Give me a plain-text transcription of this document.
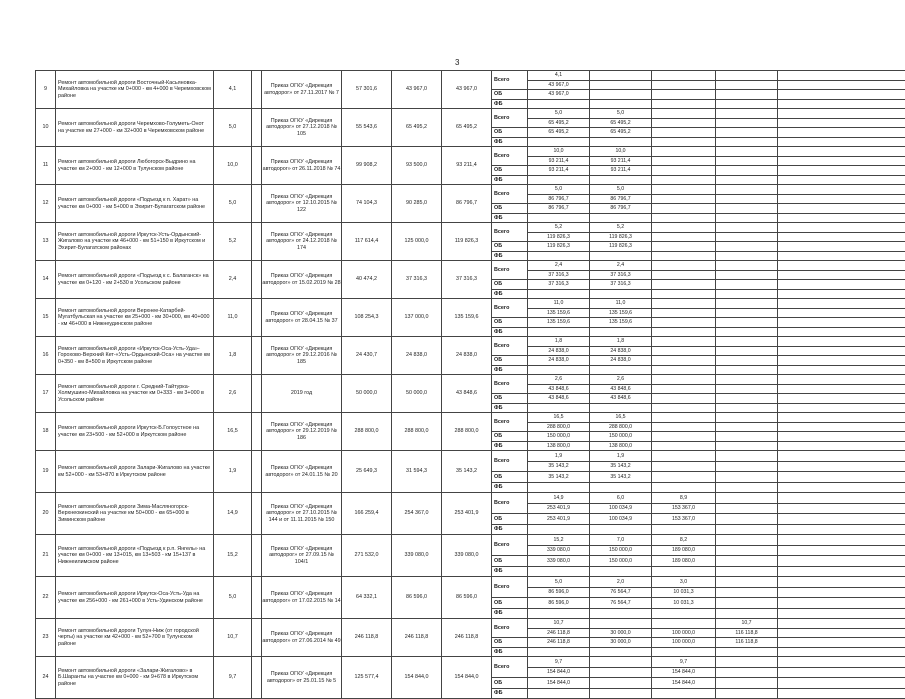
3
9	Ремонт автомобильной дороги Восточный-Касьяновка-Михайловка на участке км 0+000 - км 4+000 в Черемховском районе	4,1		Приказ ОГКУ «Дирекция автодорог» от 27.11.2017 № 7	57 301,6	43 967,0	43 967,0	Всего	4,1				
									43 967,0				
								ОБ	43 967,0				
								ФБ					
10	Ремонт автомобильной дороги Черемхово-Голуметь-Онот на участке км 27+000 - км 32+000 в Черемховском районе	5,0		Приказ ОГКУ «Дирекция автодорог» от 27.12.2018 № 105	55 543,6	65 495,2	65 495,2	Всего	5,0	5,0			
									65 495,2	65 495,2			
								ОБ	65 495,2	65 495,2			
								ФБ					
11	Ремонт автомобильной дороги Любогорск-Выдрино на участке км 2+000 - км 12+000 в Тулунском районе	10,0		Приказ ОГКУ «Дирекция автодорог» от 26.11.2018 № 74	99 908,2	93 500,0	93 211,4	Всего	10,0	10,0			
									93 211,4	93 211,4			
								ОБ	93 211,4	93 211,4			
								ФБ					
12	Ремонт автомобильной дороги «Подъезд к п. Харат» на участке км 0+000 - км 5+000 в Эхирит-Булагатском районе	5,0		Приказ ОГКУ «Дирекция автодорог» от 12.10.2015 № 122	74 104,3	90 285,0	86 796,7	Всего	5,0	5,0			
									86 796,7	86 796,7			
								ОБ	86 796,7	86 796,7			
								ФБ					
13	Ремонт автомобильной дороги Иркутск-Усть-Ордынский-Жигалово на участке км 46+000 - км 51+150 в Иркутском и Эхирит-Булагатском районах	5,2		Приказ ОГКУ «Дирекция автодорог» от 24.12.2018 № 174	117 614,4	125 000,0	119 826,3	Всего	5,2	5,2			
									119 826,3	119 826,3			
								ОБ	119 826,3	119 826,3			
								ФБ					
14	Ремонт автомобильной дороги «Подъезд к с. Балаганск» на участке км 0+120 - км 2+530 в Усольском районе	2,4		Приказ ОГКУ «Дирекция автодорог» от 15.02.2019 № 28	40 474,2	37 316,3	37 316,3	Всего	2,4	2,4			
									37 316,3	37 316,3			
								ОБ	37 316,3	37 316,3			
								ФБ					
15	Ремонт автомобильной дороги Верхнее-Катарбей-Мугатбульская на участке км 25+000 - км 30+000, км 40+000 - км 46+000 в Нижнеудинском районе	11,0		Приказ ОГКУ «Дирекция автодорог» от 28.04.15 № 37	108 254,3	137 000,0	135 159,6	Всего	11,0	11,0			
									135 159,6	135 159,6			
								ОБ	135 159,6	135 159,6			
								ФБ					
16	Ремонт автомобильной дороги «Иркутск-Оса-Усть-Уда»-Горохово-Верхний Кет-«Усть-Ордынский-Оса» на участке км 0+350 - км 8+500 в Иркутском районе	1,8		Приказ ОГКУ «Дирекция автодорог» от 29.12.2016 № 185	24 430,7	24 838,0	24 838,0	Всего	1,8	1,8			
									24 838,0	24 838,0			
								ОБ	24 838,0	24 838,0			
								ФБ					
17	Ремонт автомобильной дороги г. Средний-Тайтурка-Холмушино-Михайловка на участке км 0+333 - км 3+000 в Усольском районе	2,6		2019 год	50 000,0	50 000,0	43 848,6	Всего	2,6	2,6			
									43 848,6	43 848,6			
								ОБ	43 848,6	43 848,6			
								ФБ					
18	Ремонт автомобильной дороги Иркутск-Б.Голоустное на участке км 23+500 - км 52+000 в Иркутском районе	16,5		Приказ ОГКУ «Дирекция автодорог» от 29.12.2019 № 186	288 800,0	288 800,0	288 800,0	Всего	16,5	16,5			
									288 800,0	288 800,0			
								ОБ	150 000,0	150 000,0			
								ФБ	138 800,0	138 800,0			
19	Ремонт автомобильной дороги Залари-Жигалово на участке км 52+000 - км 53+870 в Иркутском районе	1,9		Приказ ОГКУ «Дирекция автодорог» от 24.01.15 № 20	25 649,3	31 594,3	35 143,2	Всего	1,9	1,9			
									35 143,2	35 143,2			
								ОБ	35 143,2	35 143,2			
								ФБ					
20	Ремонт автомобильной дороги Зима-Масляногорск-Верхнеокинский на участке км 50+000 - км 65+000 в Зиминском районе	14,9		Приказ ОГКУ «Дирекция автодорог» от 27.10.2015 № 144 и от 11.11.2015 № 150	166 259,4	254 367,0	253 401,9	Всего	14,9	6,0	8,9		
									253 401,9	100 034,9	153 367,0		
								ОБ	253 401,9	100 034,9	153 367,0		
								ФБ					
21	Ремонт автомобильной дороги «Подъезд к р.п. Янгель» на участке км 0+000 - км 13+015, км 13+503 - км 15+137 в Нижнеилимском районе	15,2		Приказ ОГКУ «Дирекция автодорог» от 27.09.15 № 104/1	271 532,0	339 080,0	339 080,0	Всего	15,2	7,0	8,2		
									339 080,0	150 000,0	189 080,0		
								ОБ	339 080,0	150 000,0	189 080,0		
								ФБ					
22	Ремонт автомобильной дороги Иркутск-Оса-Усть-Уда на участке км 256+000 - км 261+000 в Усть-Удинском районе	5,0		Приказ ОГКУ «Дирекция автодорог» от 17.02.2015 № 14	64 332,1	86 596,0	86 596,0	Всего	5,0	2,0	3,0		
									86 596,0	76 564,7	10 031,3		
								ОБ	86 596,0	76 564,7	10 031,3		
								ФБ					
23	Ремонт автомобильной дороги Тулун-Ниж (от городской черты) на участке км 42+000 - км 52+700 в Тулунском районе	10,7		Приказ ОГКУ «Дирекция автодорог» от 27.06.2014 № 49	246 118,8	246 118,8	246 118,8	Всего	10,7			10,7	
									246 118,8	30 000,0	100 000,0	116 118,8	
								ОБ	246 118,8	30 000,0	100 000,0	116 118,8	
								ФБ					
24	Ремонт автомобильной дороги «Залари-Жигалово» в Б.Шаранты на участке км 0+000 - км 9+678 в Иркутском районе	9,7		Приказ ОГКУ «Дирекция автодорог» от 25.01.15 № 5	125 577,4	154 844,0	154 844,0	Всего	9,7		9,7		
									154 844,0		154 844,0		
								ОБ	154 844,0		154 844,0		
								ФБ					
